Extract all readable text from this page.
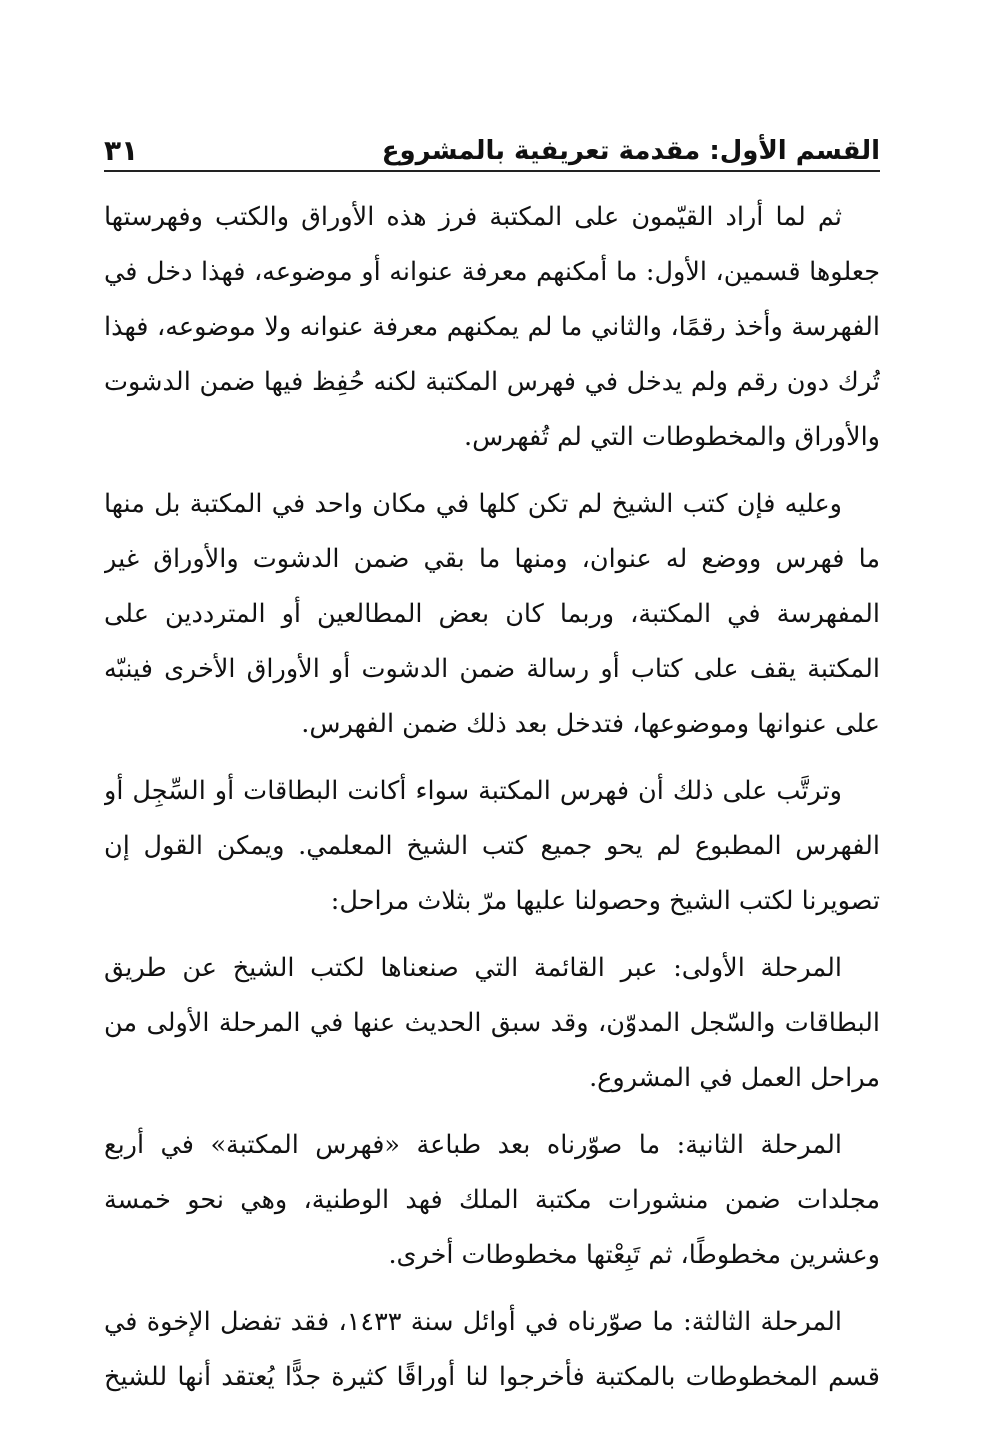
القسم الأول: مقدمة تعريفية بالمشروع
٣١
ثم لما أراد القيّمون على المكتبة فرز هذه الأوراق والكتب وفهرستها
جعلوها قسمين، الأول: ما أمكنهم معرفة عنوانه أو موضوعه، فهذا دخل في
الفهرسة وأخذ رقمًا، والثاني ما لم يمكنهم معرفة عنوانه ولا موضوعه، فهذا
تُرك دون رقم ولم يدخل في فهرس المكتبة لكنه حُفِظ فيها ضمن الدشوت
والأوراق والمخطوطات التي لم تُفهرس.
وعليه فإن كتب الشيخ لم تكن كلها في مكان واحد في المكتبة بل منها
ما فهرس ووضع له عنوان، ومنها ما بقي ضمن الدشوت والأوراق غير
المفهرسة في المكتبة، وربما كان بعض المطالعين أو المترددين على
المكتبة يقف على كتاب أو رسالة ضمن الدشوت أو الأوراق الأخرى فينبّه
على عنوانها وموضوعها، فتدخل بعد ذلك ضمن الفهرس.
وترتَّب على ذلك أن فهرس المكتبة سواء أكانت البطاقات أو السِّجِل أو
الفهرس المطبوع لم يحو جميع كتب الشيخ المعلمي. ويمكن القول إن
تصويرنا لكتب الشيخ وحصولنا عليها مرّ بثلاث مراحل:
المرحلة الأولى: عبر القائمة التي صنعناها لكتب الشيخ عن طريق
البطاقات والسّجل المدوّن، وقد سبق الحديث عنها في المرحلة الأولى من
مراحل العمل في المشروع.
المرحلة الثانية: ما صوّرناه بعد طباعة «فهرس المكتبة» في أربع
مجلدات ضمن منشورات مكتبة الملك فهد الوطنية، وهي نحو خمسة
وعشرين مخطوطًا، ثم تَبِعْتها مخطوطات أخرى.
المرحلة الثالثة: ما صوّرناه في أوائل سنة ١٤٣٣، فقد تفضل الإخوة في
قسم المخطوطات بالمكتبة فأخرجوا لنا أوراقًا كثيرة جدًّا يُعتقد أنها للشيخ
